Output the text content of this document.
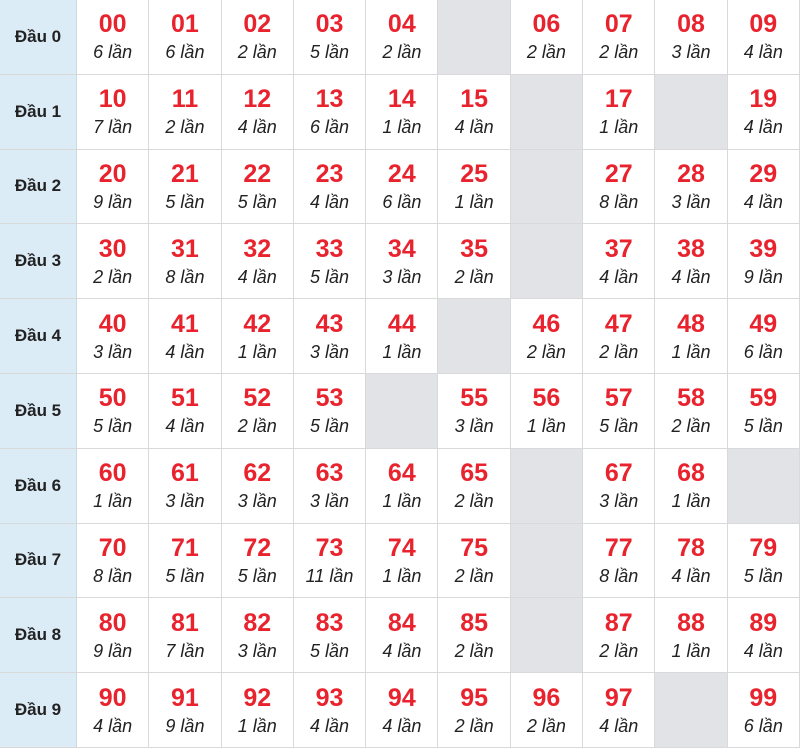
Đầu 0	00
6 lần
01
6 lần
02
2 lần
03
5 lần
04
2 lần
06
2 lần
07
2 lần
08
3 lần
09
4 lần
Đầu 1	10
7 lần
11
2 lần
12
4 lần
13
6 lần
14
1 lần
15
4 lần
17
1 lần
19
4 lần
Đầu 2	20
9 lần
21
5 lần
22
5 lần
23
4 lần
24
6 lần
25
1 lần
27
8 lần
28
3 lần
29
4 lần
Đầu 3	30
2 lần
31
8 lần
32
4 lần
33
5 lần
34
3 lần
35
2 lần
37
4 lần
38
4 lần
39
9 lần
Đầu 4	40
3 lần
41
4 lần
42
1 lần
43
3 lần
44
1 lần
46
2 lần
47
2 lần
48
1 lần
49
6 lần
Đầu 5	50
5 lần
51
4 lần
52
2 lần
53
5 lần
55
3 lần
56
1 lần
57
5 lần
58
2 lần
59
5 lần
Đầu 6	60
1 lần
61
3 lần
62
3 lần
63
3 lần
64
1 lần
65
2 lần
67
3 lần
68
1 lần
Đầu 7	70
8 lần
71
5 lần
72
5 lần
73
11 lần
74
1 lần
75
2 lần
77
8 lần
78
4 lần
79
5 lần
Đầu 8	80
9 lần
81
7 lần
82
3 lần
83
5 lần
84
4 lần
85
2 lần
87
2 lần
88
1 lần
89
4 lần
Đầu 9	90
4 lần
91
9 lần
92
1 lần
93
4 lần
94
4 lần
95
2 lần
96
2 lần
97
4 lần
99
6 lần
